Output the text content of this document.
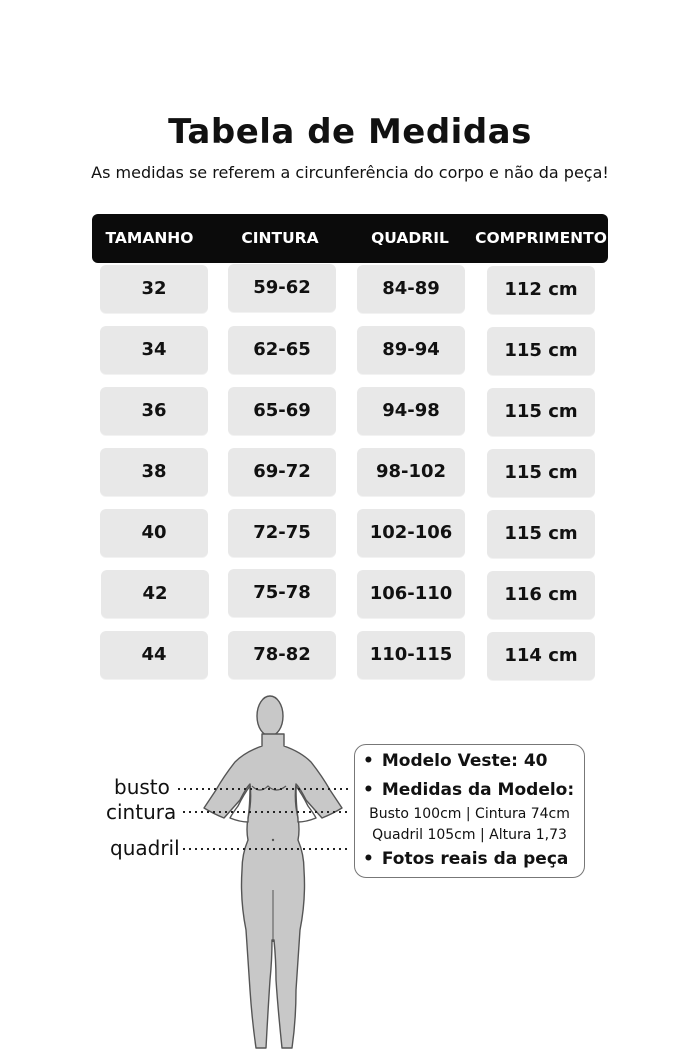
Tabela de Medidas
As medidas se referem a circunferência do corpo e não da peça!
TAMANHO	CINTURA	QUADRIL	COMPRIMENTO
32	59-62	84-89	112 cm
34	62-65	89-94	115 cm
36	65-69	94-98	115 cm
38	69-72	98-102	115 cm
40	72-75	102-106	115 cm
42	75-78	106-110	116 cm
44	78-82	110-115	114 cm
busto
cintura
quadril
• Modelo Veste: 40
• Medidas da Modelo:
Busto 100cm | Cintura 74cm
Quadril 105cm | Altura 1,73
• Fotos reais da peça
